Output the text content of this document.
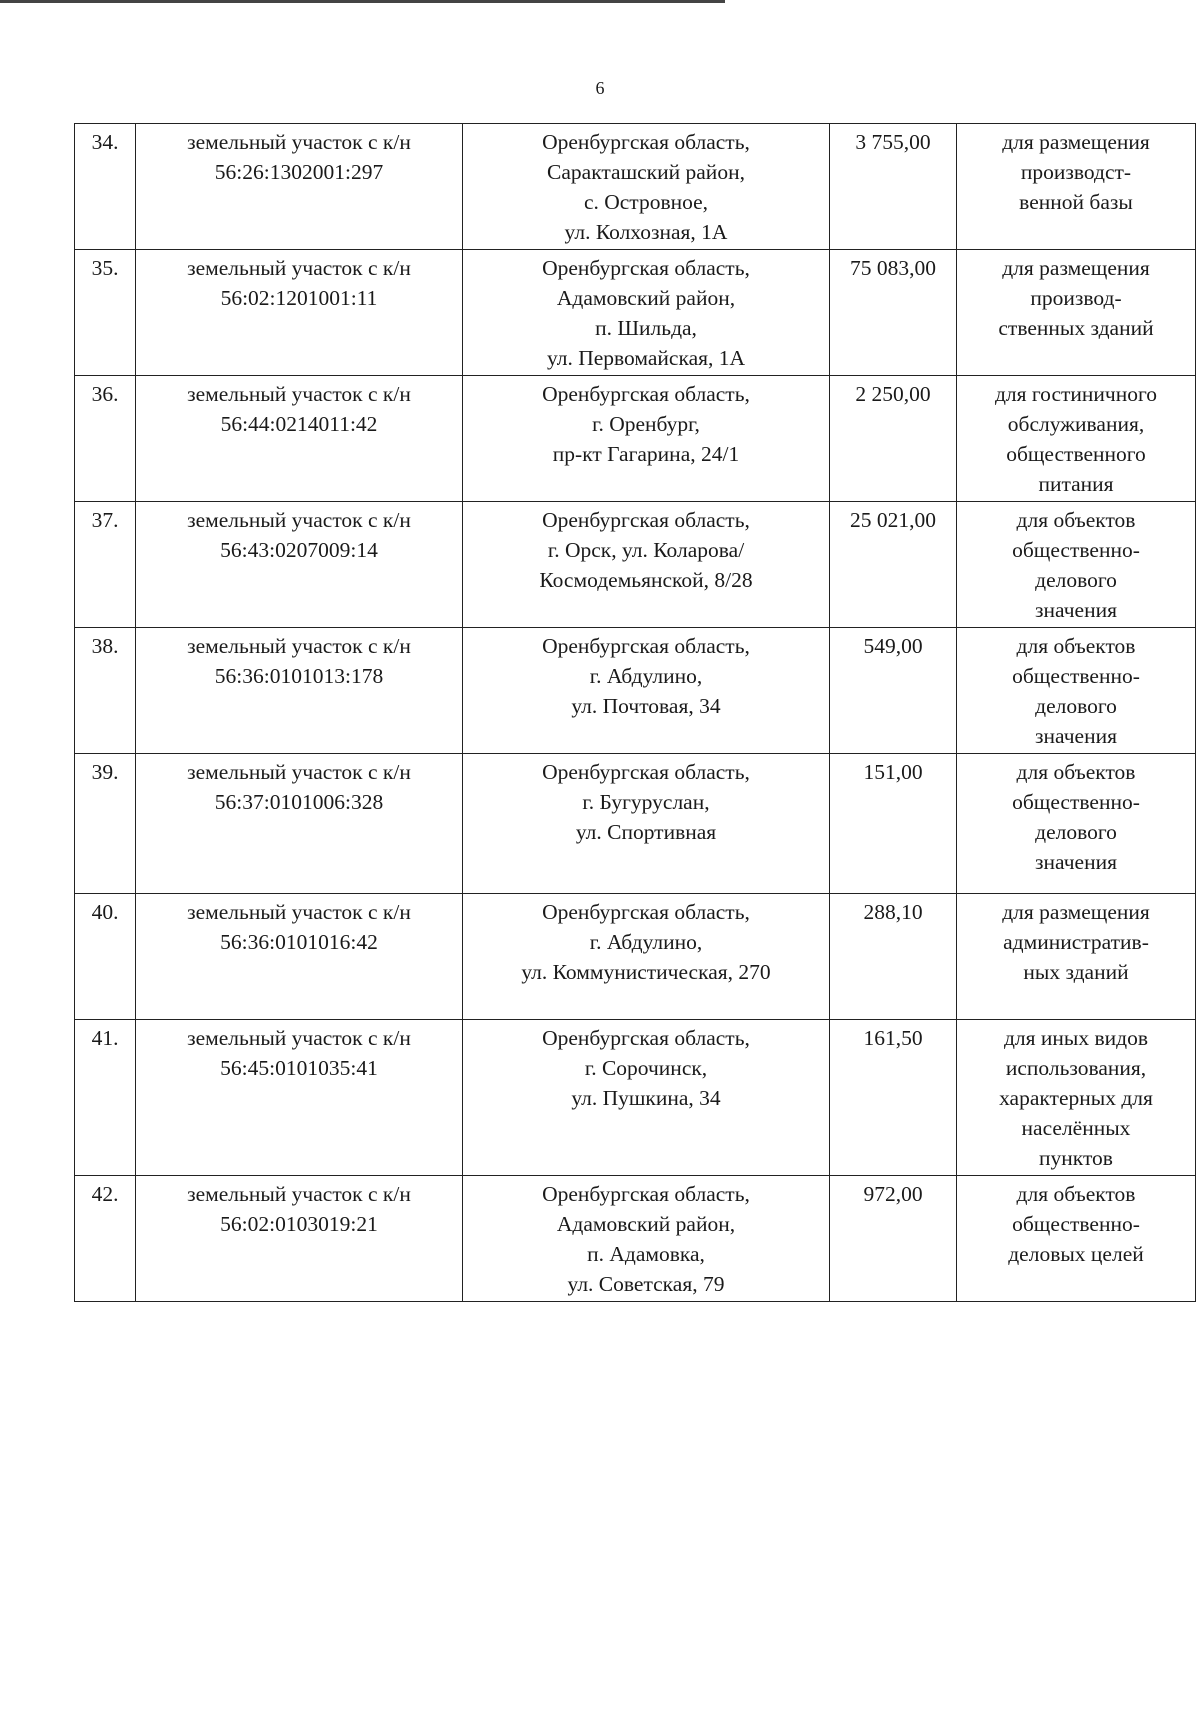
6
34.	земельный участок с к/н
56:26:1302001:297	Оренбургская область,
Саракташский район,
с. Островное,
ул. Колхозная, 1А	3 755,00	для размещения
производст-
венной базы

35.	земельный участок с к/н
56:02:1201001:11	Оренбургская область,
Адамовский район,
п. Шильда,
ул. Первомайская, 1А	75 083,00	для размещения
производ-
ственных зданий

36.	земельный участок с к/н
56:44:0214011:42	Оренбургская область,
г. Оренбург,
пр-кт Гагарина, 24/1	2 250,00	для гостиничного
обслуживания,
общественного
питания

37.	земельный участок с к/н
56:43:0207009:14	Оренбургская область,
г. Орск, ул. Коларова/
Космодемьянской, 8/28	25 021,00	для объектов
общественно-
делового
значения

38.	земельный участок с к/н
56:36:0101013:178	Оренбургская область,
г. Абдулино,
ул. Почтовая, 34	549,00	для объектов
общественно-
делового
значения

39.	земельный участок с к/н
56:37:0101006:328	Оренбургская область,
г. Бугуруслан,
ул. Спортивная	151,00	для объектов
общественно-
делового
значения

40.	земельный участок с к/н
56:36:0101016:42	Оренбургская область,
г. Абдулино,
ул. Коммунистическая, 270	288,10	для размещения
административ-
ных зданий

41.	земельный участок с к/н
56:45:0101035:41	Оренбургская область,
г. Сорочинск,
ул. Пушкина, 34	161,50	для иных видов
использования,
характерных для
населённых
пунктов

42.	земельный участок с к/н
56:02:0103019:21	Оренбургская область,
Адамовский район,
п. Адамовка,
ул. Советская, 79	972,00	для объектов
общественно-
деловых целей
